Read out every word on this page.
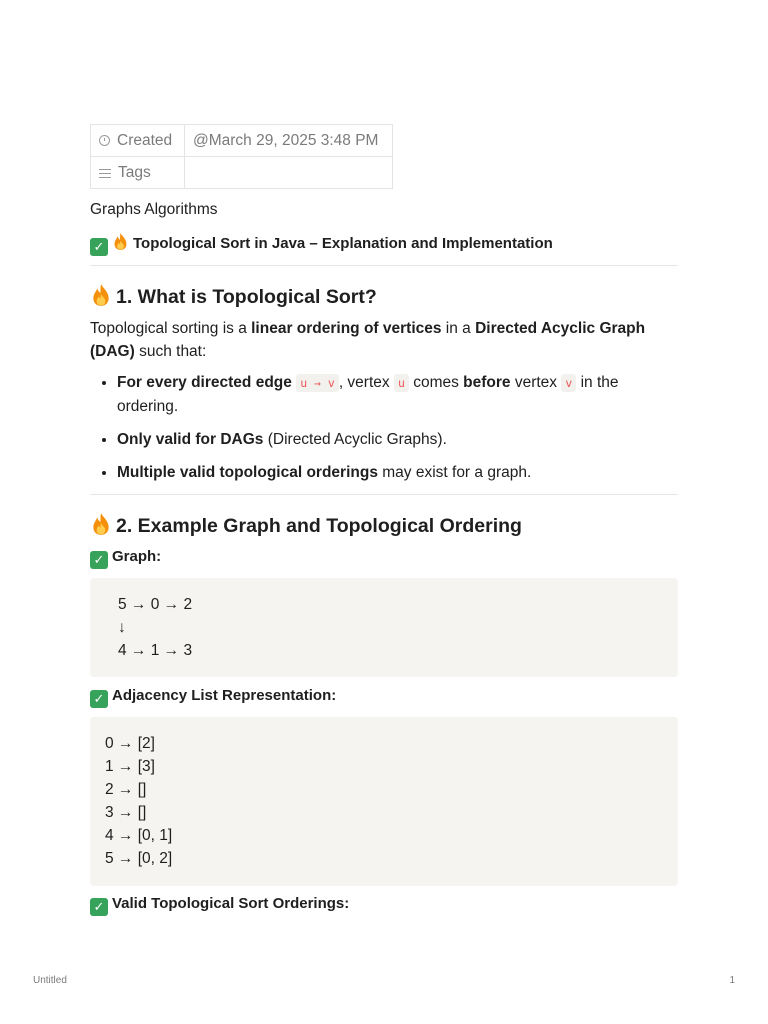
Created	@March 29, 2025 3:48 PM

Tags	
Graphs Algorithms
✓ Topological Sort in Java – Explanation and Implementation
1. What is Topological Sort?

Topological sorting is a linear ordering of vertices in a Directed Acyclic Graph (DAG) such that:

• For every directed edge u → v , vertex u comes before vertex v in the ordering.
• Only valid for DAGs (Directed Acyclic Graphs).
• Multiple valid topological orderings may exist for a graph.
2. Example Graph and Topological Ordering
✓ Graph:
5 → 0 → 2
↓
4 → 1 → 3
✓ Adjacency List Representation:
0 → [2]
1 → [3]
2 → []
3 → []
4 → [0, 1]
5 → [0, 2]
✓ Valid Topological Sort Orderings:
Untitled	1
